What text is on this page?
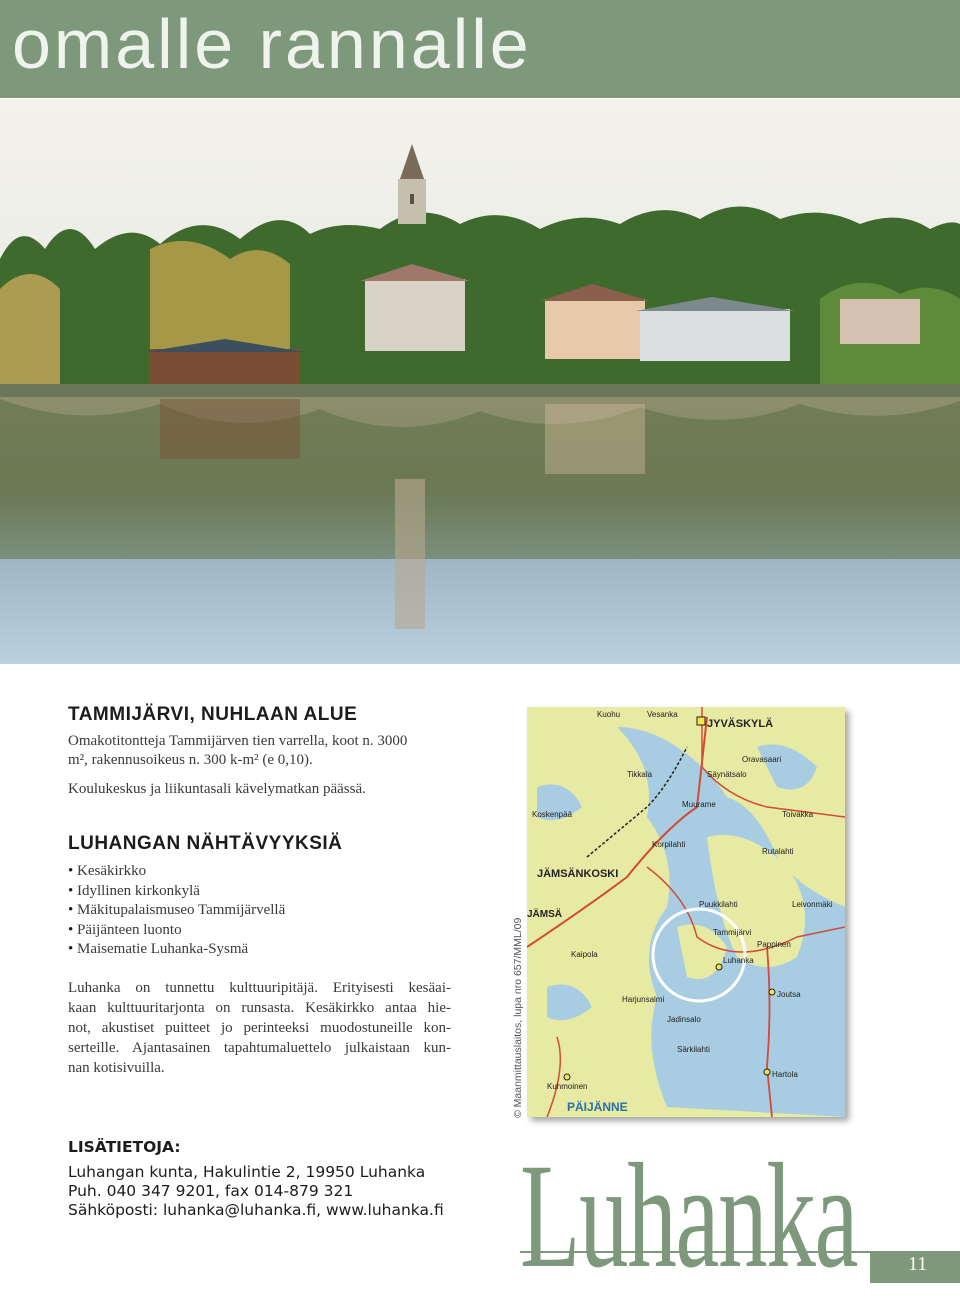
omalle rannalle
TAMMIJÄRVI, NUHLAAN ALUE
Omakotitontteja Tammijärven tien varrella, koot n. 3000
m², rakennusoikeus n. 300 k-m² (e 0,10).
Koulukeskus ja liikuntasali kävelymatkan päässä.
LUHANGAN NÄHTÄVYYKSIÄ
• Kesäkirkko
• Idyllinen kirkonkylä
• Mäkitupalaismuseo Tammijärvellä
• Päijänteen luonto
• Maisematie Luhanka-Sysmä
Luhanka on tunnettu kulttuuripitäjä. Erityisesti kesäai-
kaan kulttuuritarjonta on runsasta. Kesäkirkko antaa hie-
not, akustiset puitteet jo perinteeksi muodostuneille kon-
serteille. Ajantasainen tapahtumaluettelo julkaistaan kun-
nan kotisivuilla.
JYVÄSKYLÄ
JÄMSÄNKOSKI
JÄMSÄ
Luhanka
Tammijärvi
Joutsa
Pappinen
Leivonmäki
Rutalahti
Korpilahti
Muurame
Säynätsalo
Toivakka
Oravasaari
Puukkilahti
Kaipola
Tikkala
Koskenpää
Kuohu	Vesanka
Harjunsalmi
Jadinsalo
Särkilahti
Hartola
Kuhmoinen
PÄIJÄNNE
© Maanmittauslaitos, lupa nro 657/MML/09
LISÄTIETOJA:
Luhangan kunta, Hakulintie 2, 19950 Luhanka
Puh. 040 347 9201, fax 014-879 321
Sähköposti: luhanka@luhanka.fi, www.luhanka.fi Luhanka	11
